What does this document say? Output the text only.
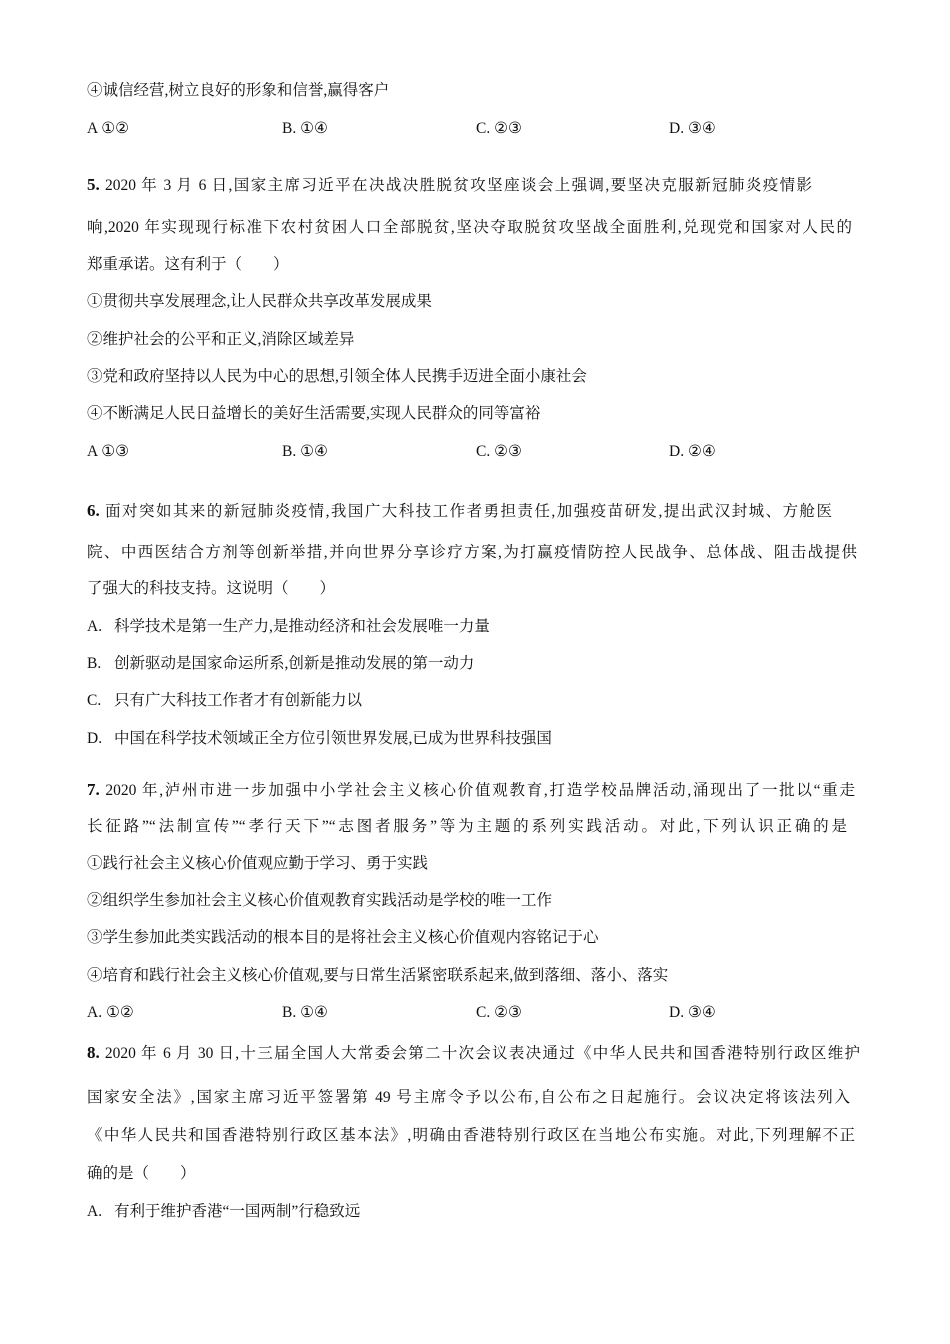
④诚信经营,树立良好的形象和信誉,赢得客户
A ①②	B. ①④	C. ②③	D. ③④
5. 2020 年 3 月 6 日,国家主席习近平在决战决胜脱贫攻坚座谈会上强调,要坚决克服新冠肺炎疫情影
响,2020 年实现现行标准下农村贫困人口全部脱贫,坚决夺取脱贫攻坚战全面胜利,兑现党和国家对人民的
郑重承诺。这有利于（　　）
①贯彻共享发展理念,让人民群众共享改革发展成果
②维护社会的公平和正义,消除区域差异
③党和政府坚持以人民为中心的思想,引领全体人民携手迈进全面小康社会
④不断满足人民日益增长的美好生活需要,实现人民群众的同等富裕
A ①③	B. ①④	C. ②③	D. ②④
6. 面对突如其来的新冠肺炎疫情,我国广大科技工作者勇担责任,加强疫苗研发,提出武汉封城、方舱医
院、中西医结合方剂等创新举措,并向世界分享诊疗方案,为打赢疫情防控人民战争、总体战、阻击战提供
了强大的科技支持。这说明（　　）
A. 科学技术是第一生产力,是推动经济和社会发展唯一力量
B. 创新驱动是国家命运所系,创新是推动发展的第一动力
C. 只有广大科技工作者才有创新能力以
D. 中国在科学技术领域正全方位引领世界发展,已成为世界科技强国
7. 2020 年,泸州市进一步加强中小学社会主义核心价值观教育,打造学校品牌活动,涌现出了一批以“重走
长征路”“法制宣传”“孝行天下”“志图者服务”等为主题的系列实践活动。对此,下列认识正确的是
①践行社会主义核心价值观应勤于学习、勇于实践
②组织学生参加社会主义核心价值观教育实践活动是学校的唯一工作
③学生参加此类实践活动的根本目的是将社会主义核心价值观内容铭记于心
④培育和践行社会主义核心价值观,要与日常生活紧密联系起来,做到落细、落小、落实
A. ①②	B. ①④	C. ②③	D. ③④
8. 2020 年 6 月 30 日,十三届全国人大常委会第二十次会议表决通过《中华人民共和国香港特别行政区维护
国家安全法》,国家主席习近平签署第 49 号主席令予以公布,自公布之日起施行。会议决定将该法列入
《中华人民共和国香港特别行政区基本法》,明确由香港特别行政区在当地公布实施。对此,下列理解不正
确的是（　　）
A. 有利于维护香港“一国两制”行稳致远
